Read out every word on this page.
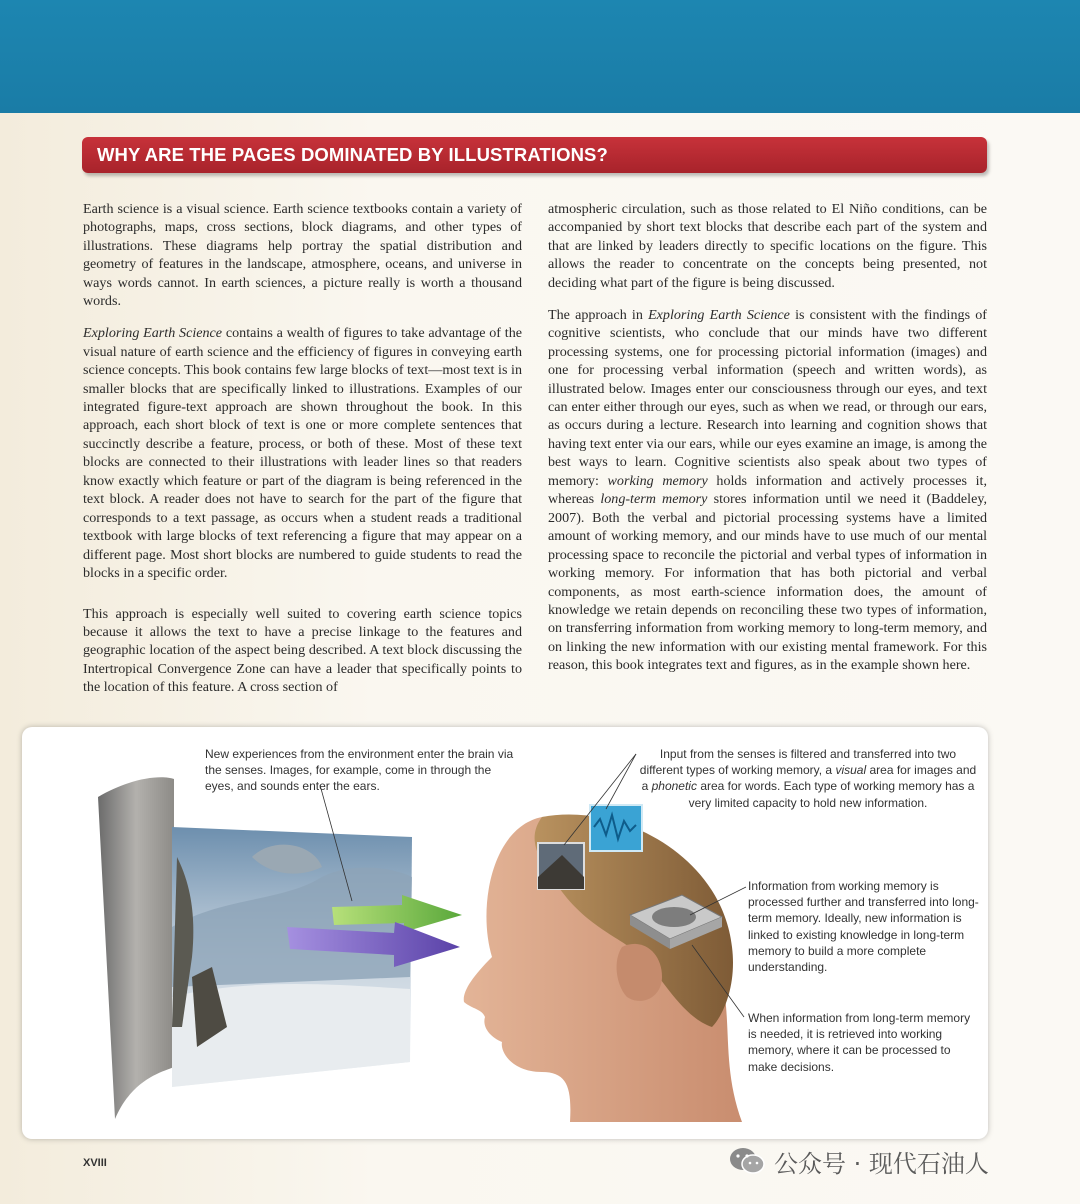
WHY ARE THE PAGES DOMINATED BY ILLUSTRATIONS?

Earth science is a visual science. Earth science textbooks contain a variety of photographs, maps, cross sections, block diagrams, and other types of illustrations. These diagrams help portray the spatial distribution and geometry of features in the landscape, atmosphere, oceans, and universe in ways words cannot. In earth sciences, a picture really is worth a thousand words.

Exploring Earth Science contains a wealth of figures to take advantage of the visual nature of earth science and the efficiency of figures in conveying earth science concepts. This book contains few large blocks of text—most text is in smaller blocks that are specifically linked to illustrations. Examples of our integrated figure-text approach are shown throughout the book. In this approach, each short block of text is one or more complete sentences that succinctly describe a feature, process, or both of these. Most of these text blocks are connected to their illustrations with leader lines so that readers know exactly which feature or part of the diagram is being referenced in the text block. A reader does not have to search for the part of the figure that corresponds to a text passage, as occurs when a student reads a traditional textbook with large blocks of text referencing a figure that may appear on a different page. Most short blocks are numbered to guide students to read the blocks in a specific order.

This approach is especially well suited to covering earth science topics because it allows the text to have a precise linkage to the features and geographic location of the aspect being described. A text block discussing the Intertropical Convergence Zone can have a leader that specifically points to the location of this feature. A cross section of

atmospheric circulation, such as those related to El Niño conditions, can be accompanied by short text blocks that describe each part of the system and that are linked by leaders directly to specific locations on the figure. This allows the reader to concentrate on the concepts being presented, not deciding what part of the figure is being discussed.

The approach in Exploring Earth Science is consistent with the findings of cognitive scientists, who conclude that our minds have two different processing systems, one for processing pictorial information (images) and one for processing verbal information (speech and written words), as illustrated below. Images enter our consciousness through our eyes, and text can enter either through our eyes, such as when we read, or through our ears, as occurs during a lecture. Research into learning and cognition shows that having text enter via our ears, while our eyes examine an image, is among the best ways to learn. Cognitive scientists also speak about two types of memory: working memory holds information and actively processes it, whereas long-term memory stores information until we need it (Baddeley, 2007). Both the verbal and pictorial processing systems have a limited amount of working memory, and our minds have to use much of our mental processing space to reconcile the pictorial and verbal types of information in working memory. For information that has both pictorial and verbal components, as most earth-science information does, the amount of knowledge we retain depends on reconciling these two types of information, on transferring information from working memory to long-term memory, and on linking the new information with our existing mental framework. For this reason, this book integrates text and figures, as in the example shown here.

New experiences from the environment enter the brain via the senses. Images, for example, come in through the eyes, and sounds enter the ears.
Input from the senses is filtered and transferred into two different types of working memory, a visual area for images and a phonetic area for words. Each type of working memory has a very limited capacity to hold new information.
Information from working memory is processed further and transferred into long-term memory. Ideally, new information is linked to existing knowledge in long-term memory to build a more complete understanding.
When information from long-term memory is needed, it is retrieved into working memory, where it can be processed to make decisions.
XVIII	公众号 · 现代石油人
